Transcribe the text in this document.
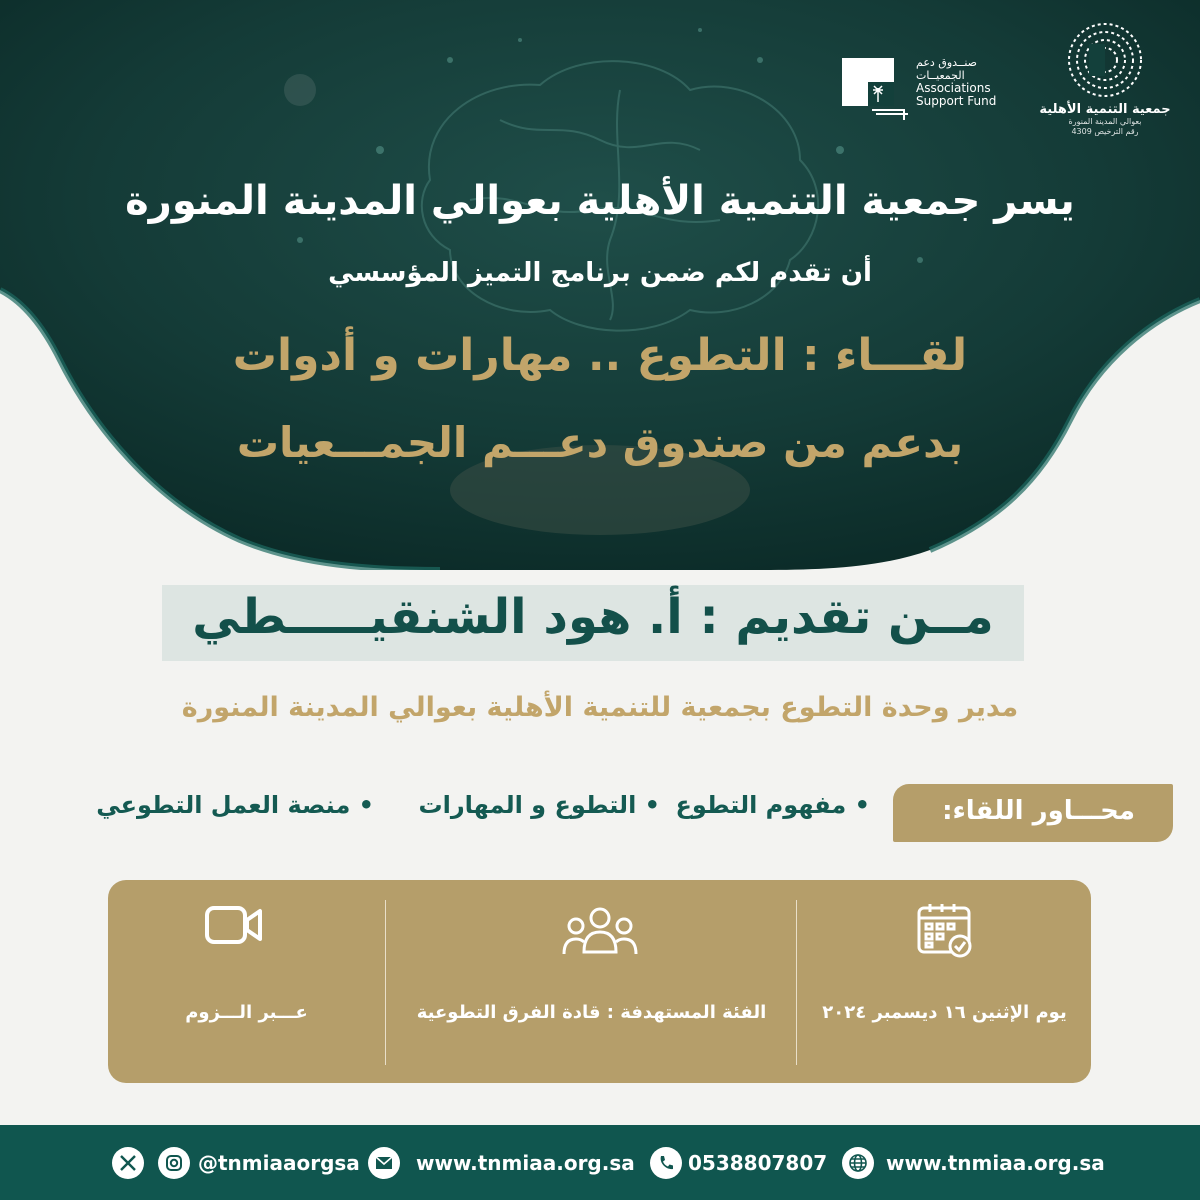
جمعية التنمية الأهلية
بعوالي المدينة المنورة
رقم الترخيص 4309
صنــدوق دعم
الجمعيــات
Associations
Support Fund
يسر جمعية التنمية الأهلية بعوالي المدينة المنورة
أن تقدم لكم ضمن برنامج التميز المؤسسي
لقـــاء : التطوع .. مهارات و أدوات
بدعم من صندوق دعـــم الجمـــعيات
مــن تقديم : أ. هود الشنقيـــــطي
مدير وحدة التطوع بجمعية للتنمية الأهلية بعوالي المدينة المنورة
محـــاور اللقاء:
• مفهوم التطوع
• التطوع و المهارات
• منصة العمل التطوعي
عـــبر الـــزوم	الفئة المستهدفة : قادة الفرق التطوعية	يوم الإثنين ١٦ ديسمبر ٢٠٢٤
@tnmiaaorgsa	www.tnmiaa.org.sa	0538807807	www.tnmiaa.org.sa
